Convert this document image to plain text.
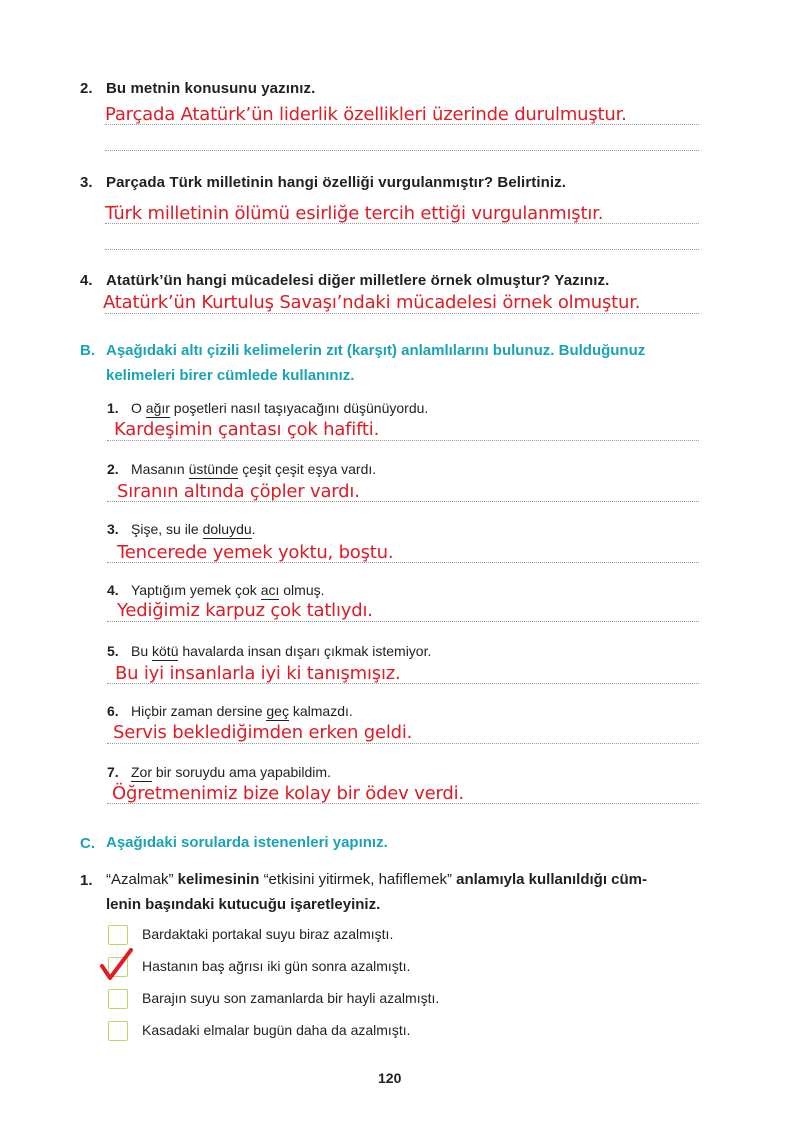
2. Bu metnin konusunu yazınız.
Parçada Atatürk’ün liderlik özellikleri üzerinde durulmuştur.
3. Parçada Türk milletinin hangi özelliği vurgulanmıştır? Belirtiniz.
Türk milletinin ölümü esirliğe tercih ettiği vurgulanmıştır.
4. Atatürk’ün hangi mücadelesi diğer milletlere örnek olmuştur? Yazınız.
Atatürk’ün Kurtuluş Savaşı’ndaki mücadelesi örnek olmuştur.
B. Aşağıdaki altı çizili kelimelerin zıt (karşıt) anlamlılarını bulunuz. Bulduğunuz
kelimeleri birer cümlede kullanınız.
1. O ağır poşetleri nasıl taşıyacağını düşünüyordu.
Kardeşimin çantası çok hafifti.
2. Masanın üstünde çeşit çeşit eşya vardı.
Sıranın altında çöpler vardı.
3. Şişe, su ile doluydu.
Tencerede yemek yoktu, boştu.
4. Yaptığım yemek çok acı olmuş.
Yediğimiz karpuz çok tatlıydı.
5. Bu kötü havalarda insan dışarı çıkmak istemiyor.
Bu iyi insanlarla iyi ki tanışmışız.
6. Hiçbir zaman dersine geç kalmazdı.
Servis beklediğimden erken geldi.
7. Zor bir soruydu ama yapabildim.
Öğretmenimiz bize kolay bir ödev verdi.
C. Aşağıdaki sorularda istenenleri yapınız.
1. “Azalmak” kelimesinin “etkisini yitirmek, hafiflemek” anlamıyla kullanıldığı cüm-
lenin başındaki kutucuğu işaretleyiniz.
Bardaktaki portakal suyu biraz azalmıştı.
Hastanın baş ağrısı iki gün sonra azalmıştı.
Barajın suyu son zamanlarda bir hayli azalmıştı.
Kasadaki elmalar bugün daha da azalmıştı.
120
